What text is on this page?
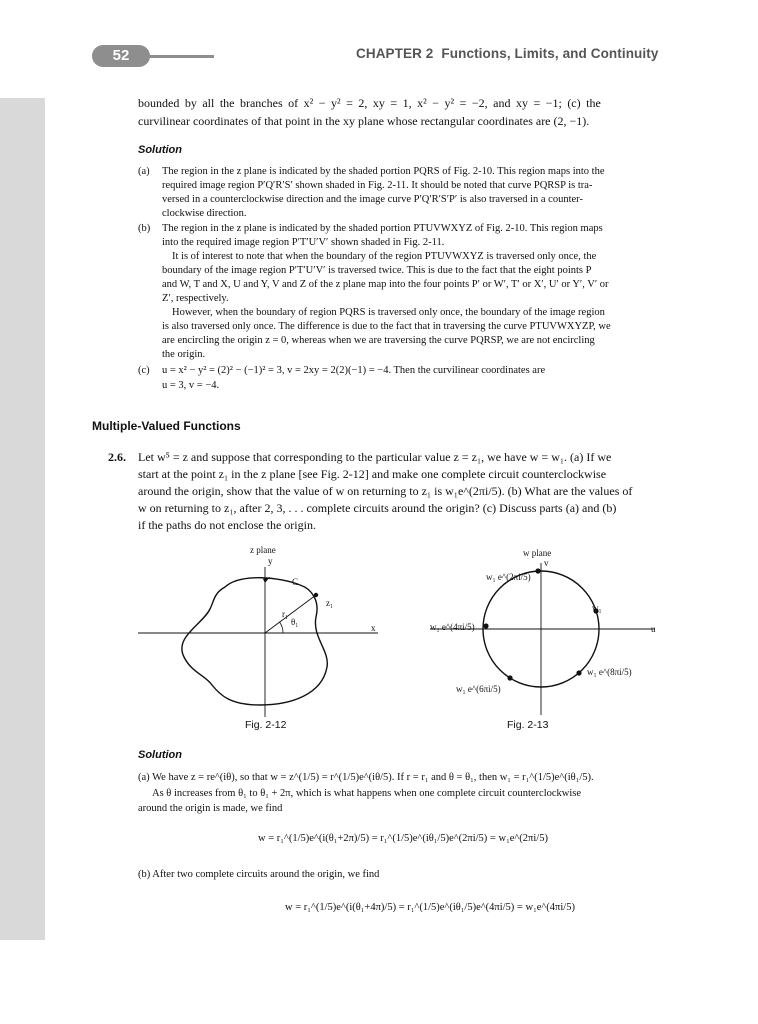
52	CHAPTER 2 Functions, Limits, and Continuity
bounded by all the branches of x² − y² = 2, xy = 1, x² − y² = −2, and xy = −1; (c) the
curvilinear coordinates of that point in the xy plane whose rectangular coordinates are (2, −1).
Solution
(a) The region in the z plane is indicated by the shaded portion PQRS of Fig. 2-10. This region maps into the
required image region P′Q′R′S′ shown shaded in Fig. 2-11. It should be noted that curve PQRSP is tra-
versed in a counterclockwise direction and the image curve P′Q′R′S′P′ is also traversed in a counter-
clockwise direction.
(b) The region in the z plane is indicated by the shaded portion PTUVWXYZ of Fig. 2-10. This region maps
into the required image region P′T′U′V′ shown shaded in Fig. 2-11.
It is of interest to note that when the boundary of the region PTUVWXYZ is traversed only once, the
boundary of the image region P′T′U′V′ is traversed twice. This is due to the fact that the eight points P
and W, T and X, U and Y, V and Z of the z plane map into the four points P′ or W′, T′ or X′, U′ or Y′, V′ or
Z′, respectively.
However, when the boundary of region PQRS is traversed only once, the boundary of the image region
is also traversed only once. The difference is due to the fact that in traversing the curve PTUVWXYZP, we
are encircling the origin z = 0, whereas when we are traversing the curve PQRSP, we are not encircling
the origin.
(c) u = x² − y² = (2)² − (−1)² = 3, v = 2xy = 2(2)(−1) = −4. Then the curvilinear coordinates are
u = 3, v = −4.
Multiple-Valued Functions
2.6. Let w⁵ = z and suppose that corresponding to the particular value z = z₁, we have w = w₁. (a) If we
start at the point z₁ in the z plane [see Fig. 2-12] and make one complete circuit counterclockwise
around the origin, show that the value of w on returning to z₁ is w₁e^(2πi/5). (b) What are the values of
w on returning to z₁, after 2, 3, . . . complete circuits around the origin? (c) Discuss parts (a) and (b)
if the paths do not enclose the origin.
z plane
y
x
C
z₁
r₁
θ₁
Fig. 2-12
w plane
v
u
w₁
w₁ e^(2πi/5)
w₁ e^(4πi/5)
w₁ e^(6πi/5)
w₁ e^(8πi/5)
Fig. 2-13
Solution
(a) We have z = re^(iθ), so that w = z^(1/5) = r^(1/5)e^(iθ/5). If r = r₁ and θ = θ₁, then w₁ = r₁^(1/5)e^(iθ₁/5).
As θ increases from θ₁ to θ₁ + 2π, which is what happens when one complete circuit counterclockwise
around the origin is made, we find
w = r₁^(1/5)e^(i(θ₁+2π)/5) = r₁^(1/5)e^(iθ₁/5)e^(2πi/5) = w₁e^(2πi/5)
(b) After two complete circuits around the origin, we find
w = r₁^(1/5)e^(i(θ₁+4π)/5) = r₁^(1/5)e^(iθ₁/5)e^(4πi/5) = w₁e^(4πi/5)
